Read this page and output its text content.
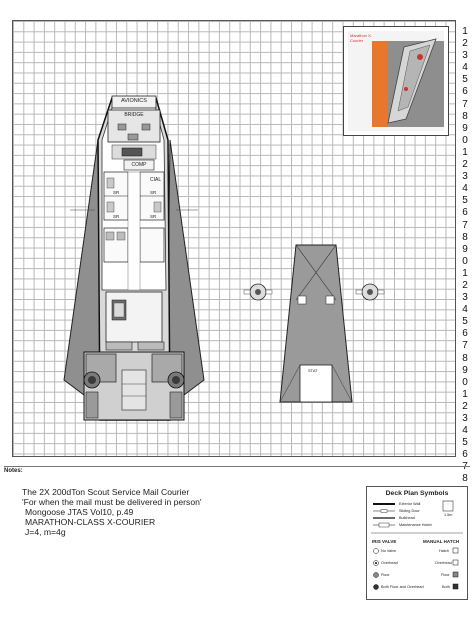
1
2
3
4
5
6
7
8
9
0
1
2
3
4
5
6
7
8
9
0
1
2
3
4
5
6
7
8
9
0
1
2
3
4
5
6
7
8
AVIONICS
BRIDGE
COMP
CIAL
SR	SR
SR	SR
STAT
Marathon X-Courier
Notes:
The 2X 200dTon Scout Service Mail Courier
'For when the mail must be delivered in person'
Mongoose JTAS Vol10, p.49
MARATHON-CLASS X-COURIER
J=4, m=4g
Deck Plan Symbols
Exterior Wall
Sliding Door
Bulkhead
Maintenance Hatch
1.5m
IRIS VALVE	MANUAL HATCH
No Valve	Hatch
Overhead	Overhead
Floor	Floor
Both Floor and Overhead	Both
